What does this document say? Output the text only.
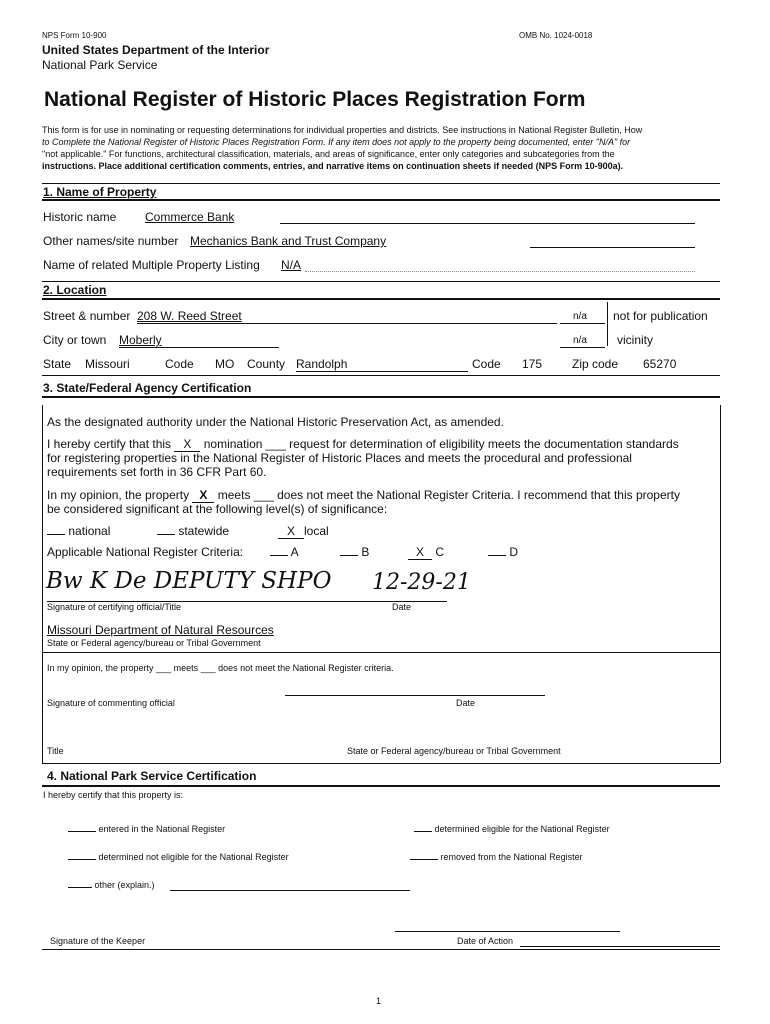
NPS Form 10-900	OMB No. 1024-0018
United States Department of the Interior
National Park Service
National Register of Historic Places Registration Form
This form is for use in nominating or requesting determinations for individual properties and districts. See instructions in National Register Bulletin, How
to Complete the National Register of Historic Places Registration Form. If any item does not apply to the property being documented, enter "N/A" for
"not applicable." For functions, architectural classification, materials, and areas of significance, enter only categories and subcategories from the
instructions. Place additional certification comments, entries, and narrative items on continuation sheets if needed (NPS Form 10-900a).
1. Name of Property
Historic name Commerce Bank
Other names/site number Mechanics Bank and Trust Company
Name of related Multiple Property Listing N/A
2. Location
Street & number 208 W. Reed Street	n/a not for publication
City or town Moberly	n/a	vicinity
State Missouri	Code MO County Randolph	Code 175 Zip code 65270
3. State/Federal Agency Certification
As the designated authority under the National Historic Preservation Act, as amended.
I hereby certify that this X nomination ___ request for determination of eligibility meets the documentation standards
for registering properties in the National Register of Historic Places and meets the procedural and professional
requirements set forth in 36 CFR Part 60.
In my opinion, the property X meets ___ does not meet the National Register Criteria. I recommend that this property
be considered significant at the following level(s) of significance:
national	statewide	X local
Applicable National Register Criteria:	A	B	X C	D
Bw K De DEPUTY SHPO 12-29-21
Signature of certifying official/Title	Date
Missouri Department of Natural Resources
State or Federal agency/bureau or Tribal Government
In my opinion, the property ___ meets ___ does not meet the National Register criteria.
Signature of commenting official	Date
Title	State or Federal agency/bureau or Tribal Government
4. National Park Service Certification
I hereby certify that this property is:
entered in the National Register	determined eligible for the National Register
determined not eligible for the National Register	removed from the National Register
other (explain.)
Signature of the Keeper	Date of Action
1
